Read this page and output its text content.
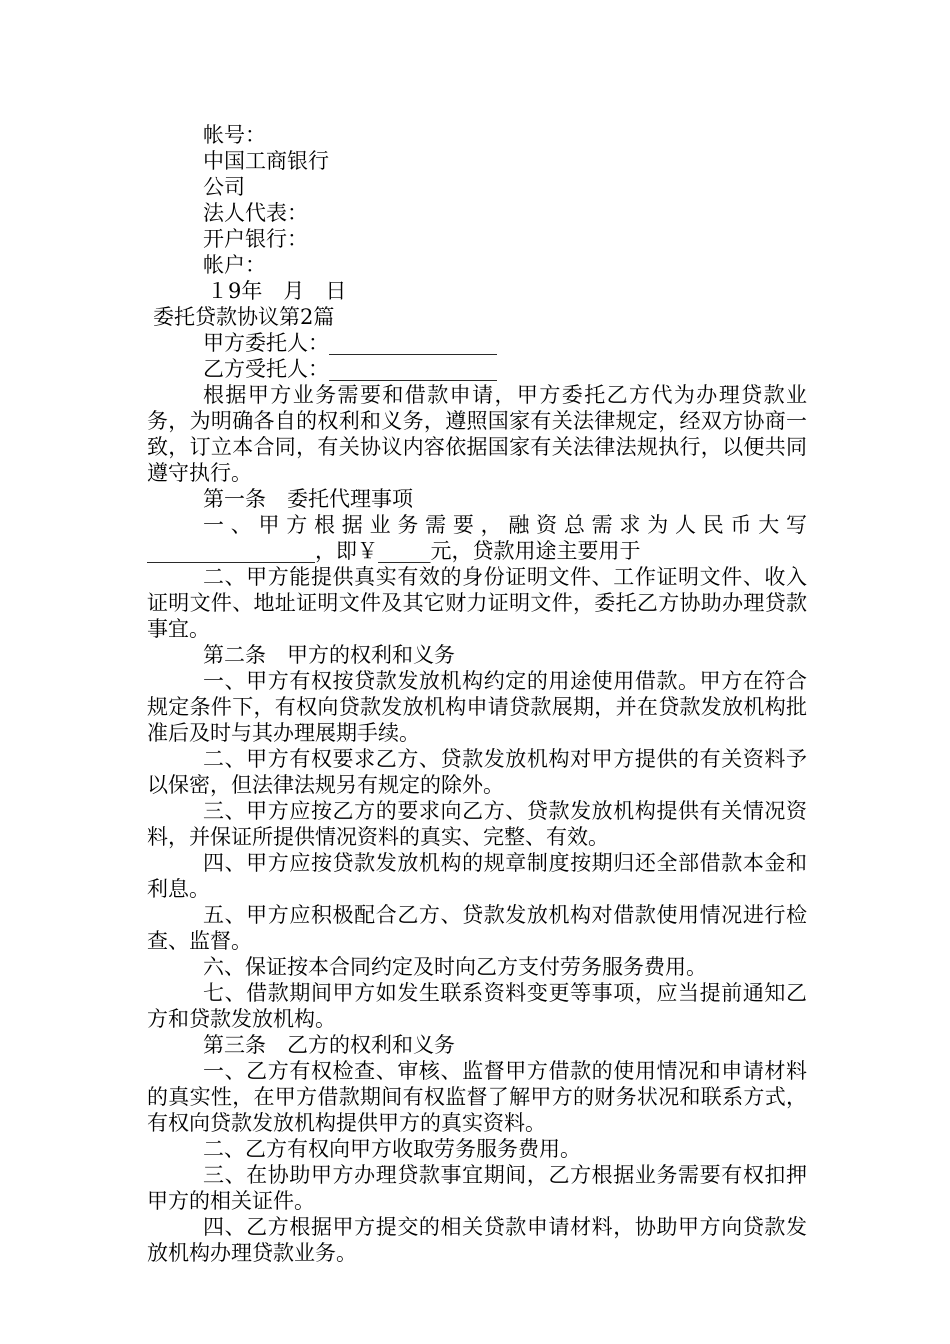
帐号：
中国工商银行
公司
法人代表：
开户银行：
帐户：
１9年　月　日
委托贷款协议第2篇
甲方委托人：________________
乙方受托人：________________
根据甲方业务需要和借款申请，甲方委托乙方代为办理贷款业务，为明确各自的权利和义务，遵照国家有关法律规定，经双方协商一致，订立本合同，有关协议内容依据国家有关法律法规执行，以便共同遵守执行。
第一条　委托代理事项
一、甲方根据业务需要，融资总需求为人民币大写________________，即￥_____元，贷款用途主要用于
二、甲方能提供真实有效的身份证明文件、工作证明文件、收入证明文件、地址证明文件及其它财力证明文件，委托乙方协助办理贷款事宜。
第二条　甲方的权利和义务
一、甲方有权按贷款发放机构约定的用途使用借款。甲方在符合规定条件下，有权向贷款发放机构申请贷款展期，并在贷款发放机构批准后及时与其办理展期手续。
二、甲方有权要求乙方、贷款发放机构对甲方提供的有关资料予以保密，但法律法规另有规定的除外。
三、甲方应按乙方的要求向乙方、贷款发放机构提供有关情况资料，并保证所提供情况资料的真实、完整、有效。
四、甲方应按贷款发放机构的规章制度按期归还全部借款本金和利息。
五、甲方应积极配合乙方、贷款发放机构对借款使用情况进行检查、监督。
六、保证按本合同约定及时向乙方支付劳务服务费用。
七、借款期间甲方如发生联系资料变更等事项，应当提前通知乙方和贷款发放机构。
第三条　乙方的权利和义务
一、乙方有权检查、审核、监督甲方借款的使用情况和申请材料的真实性，在甲方借款期间有权监督了解甲方的财务状况和联系方式，有权向贷款发放机构提供甲方的真实资料。
二、乙方有权向甲方收取劳务服务费用。
三、在协助甲方办理贷款事宜期间，乙方根据业务需要有权扣押甲方的相关证件。
四、乙方根据甲方提交的相关贷款申请材料，协助甲方向贷款发放机构办理贷款业务。
